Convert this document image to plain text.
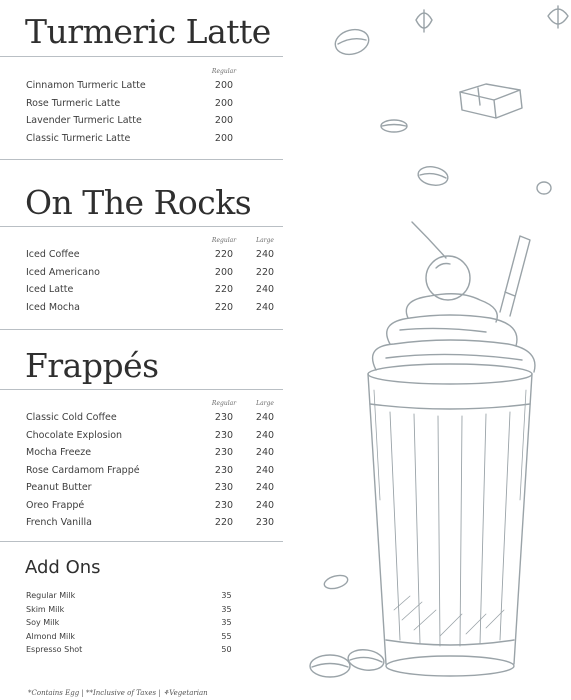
Turmeric Latte
Regular
Cinnamon Turmeric Latte	200
Rose Turmeric Latte	200
Lavender Turmeric Latte	200
Classic Turmeric Latte	200
On The Rocks
Regular	Large
Iced Coffee	220	240
Iced Americano	200	220
Iced Latte	220	240
Iced Mocha	220	240
Frappés
Regular	Large
Classic Cold Coffee	230	240
Chocolate Explosion	230	240
Mocha Freeze	230	240
Rose Cardamom Frappé	230	240
Peanut Butter	230	240
Oreo Frappé	230	240
French Vanilla	220	230
Add Ons
Regular Milk	35
Skim Milk	35
Soy Milk	35
Almond Milk	55
Espresso Shot	50
*Contains Egg | **Inclusive of Taxes | ⚘Vegetarian
